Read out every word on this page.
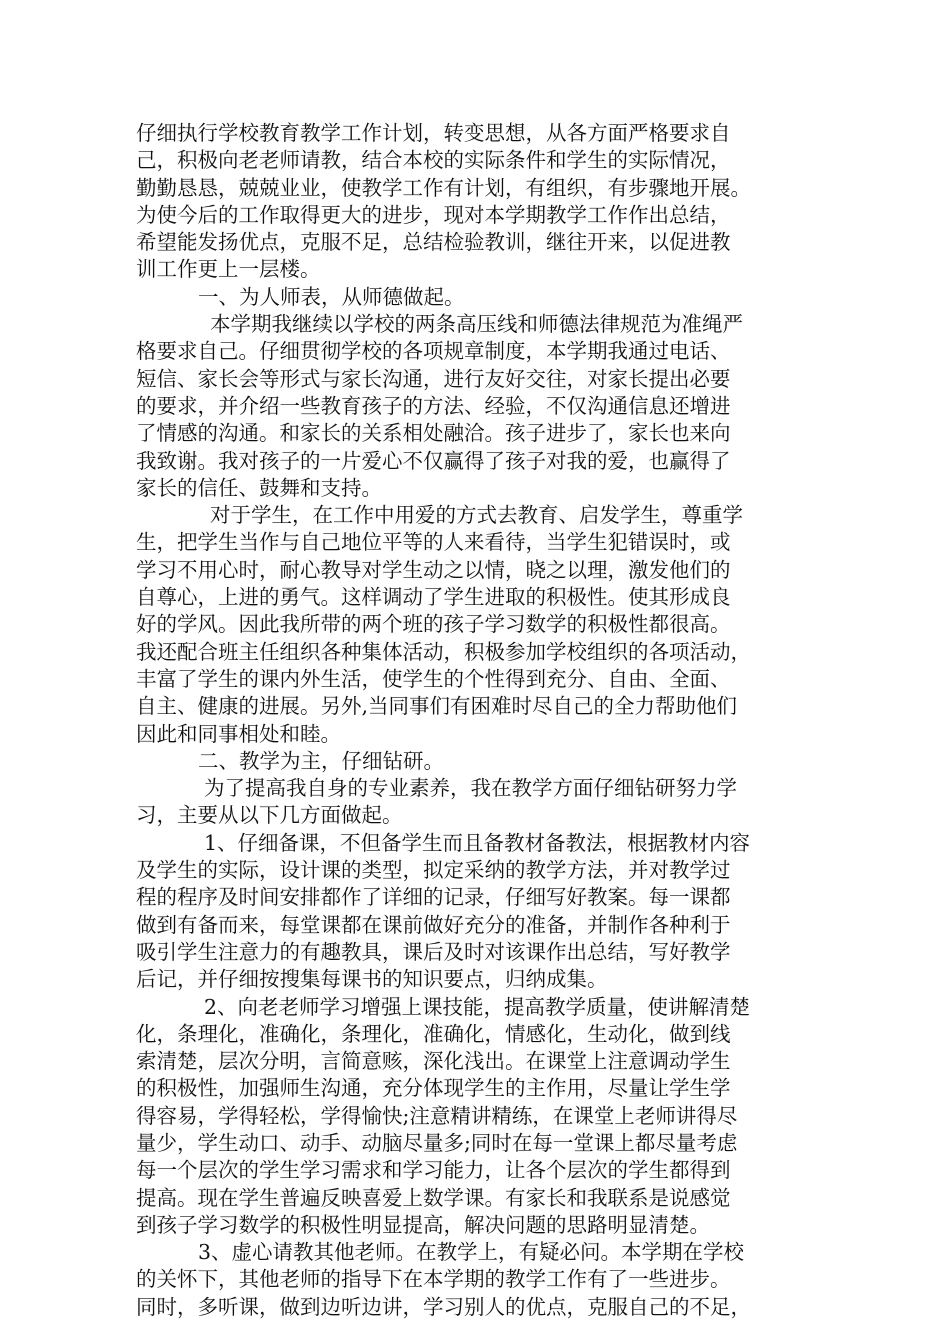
仔细执行学校教育教学工作计划，转变思想，从各方面严格要求自
己，积极向老老师请教，结合本校的实际条件和学生的实际情况，
勤勤恳恳，兢兢业业，使教学工作有计划，有组织，有步骤地开展。
为使今后的工作取得更大的进步，现对本学期教学工作作出总结，
希望能发扬优点，克服不足，总结检验教训，继往开来，以促进教
训工作更上一层楼。
一、为人师表，从师德做起。
本学期我继续以学校的两条高压线和师德法律规范为准绳严
格要求自己。仔细贯彻学校的各项规章制度，本学期我通过电话、
短信、家长会等形式与家长沟通，进行友好交往，对家长提出必要
的要求，并介绍一些教育孩子的方法、经验，不仅沟通信息还增进
了情感的沟通。和家长的关系相处融洽。孩子进步了，家长也来向
我致谢。我对孩子的一片爱心不仅赢得了孩子对我的爱，也赢得了
家长的信任、鼓舞和支持。
对于学生，在工作中用爱的方式去教育、启发学生，尊重学
生，把学生当作与自己地位平等的人来看待，当学生犯错误时，或
学习不用心时，耐心教导对学生动之以情，晓之以理，激发他们的
自尊心，上进的勇气。这样调动了学生进取的积极性。使其形成良
好的学风。因此我所带的两个班的孩子学习数学的积极性都很高。
我还配合班主任组织各种集体活动，积极参加学校组织的各项活动，
丰富了学生的课内外生活，使学生的个性得到充分、自由、全面、
自主、健康的进展。另外,当同事们有困难时尽自己的全力帮助他们
因此和同事相处和睦。
二、教学为主，仔细钻研。
为了提高我自身的专业素养，我在教学方面仔细钻研努力学
习，主要从以下几方面做起。
1、仔细备课，不但备学生而且备教材备教法，根据教材内容
及学生的实际，设计课的类型，拟定采纳的教学方法，并对教学过
程的程序及时间安排都作了详细的记录，仔细写好教案。每一课都
做到有备而来，每堂课都在课前做好充分的准备，并制作各种利于
吸引学生注意力的有趣教具，课后及时对该课作出总结，写好教学
后记，并仔细按搜集每课书的知识要点，归纳成集。
2、向老老师学习增强上课技能，提高教学质量，使讲解清楚
化，条理化，准确化，条理化，准确化，情感化，生动化，做到线
索清楚，层次分明，言简意赅，深化浅出。在课堂上注意调动学生
的积极性，加强师生沟通，充分体现学生的主作用，尽量让学生学
得容易，学得轻松，学得愉快;注意精讲精练，在课堂上老师讲得尽
量少，学生动口、动手、动脑尽量多;同时在每一堂课上都尽量考虑
每一个层次的学生学习需求和学习能力，让各个层次的学生都得到
提高。现在学生普遍反映喜爱上数学课。有家长和我联系是说感觉
到孩子学习数学的积极性明显提高，解决问题的思路明显清楚。
3、虚心请教其他老师。在教学上，有疑必问。本学期在学校
的关怀下，其他老师的指导下在本学期的教学工作有了一些进步。
同时，多听课，做到边听边讲，学习别人的优点，克服自己的不足，
